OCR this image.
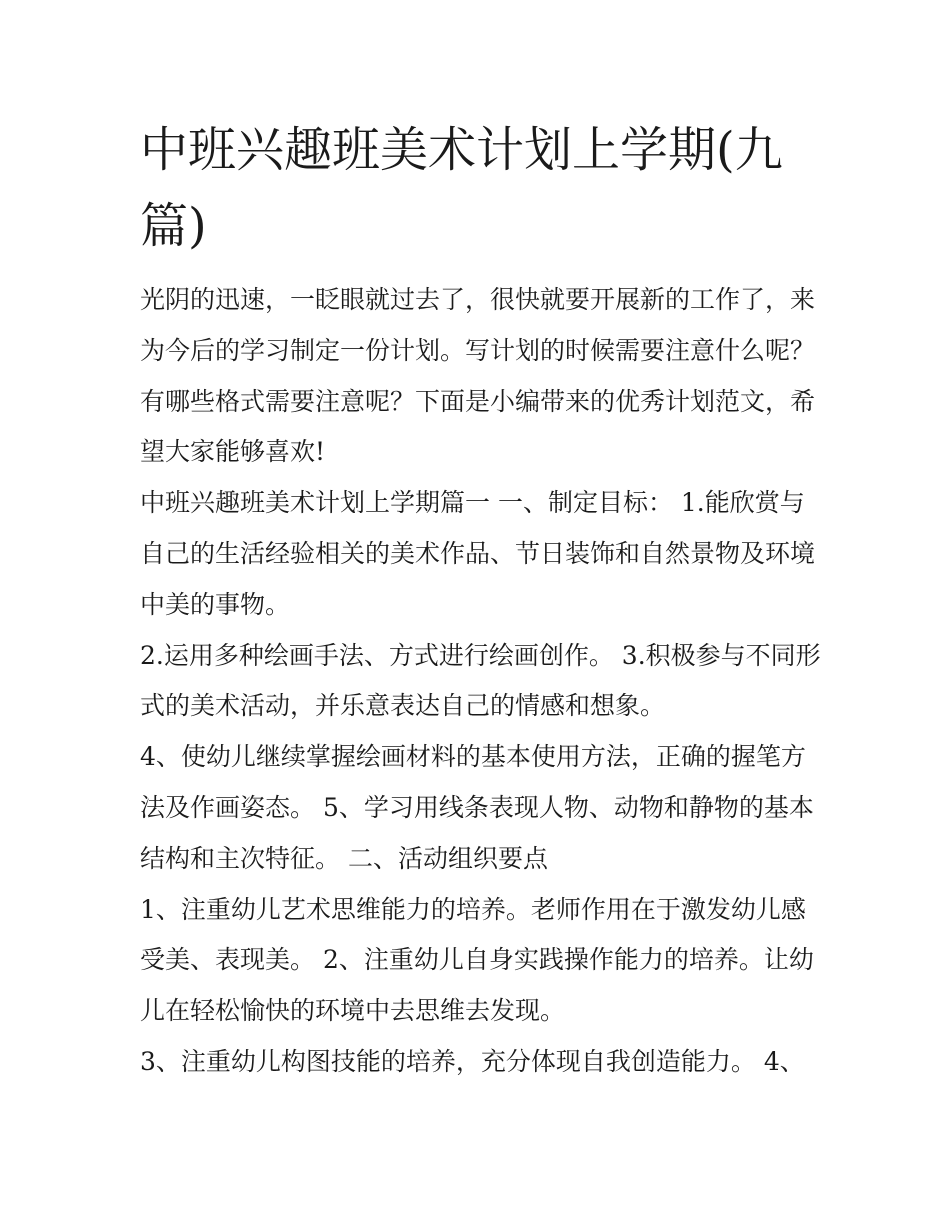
中班兴趣班美术计划上学期(九
篇)
光阴的迅速，一眨眼就过去了，很快就要开展新的工作了，来
为今后的学习制定一份计划。写计划的时候需要注意什么呢？
有哪些格式需要注意呢？下面是小编带来的优秀计划范文，希
望大家能够喜欢!
中班兴趣班美术计划上学期篇一 一、制定目标： 1.能欣赏与
自己的生活经验相关的美术作品、节日装饰和自然景物及环境
中美的事物。
2.运用多种绘画手法、方式进行绘画创作。 3.积极参与不同形
式的美术活动，并乐意表达自己的情感和想象。
4、使幼儿继续掌握绘画材料的基本使用方法，正确的握笔方
法及作画姿态。 5、学习用线条表现人物、动物和静物的基本
结构和主次特征。 二、活动组织要点
1、注重幼儿艺术思维能力的培养。老师作用在于激发幼儿感
受美、表现美。 2、注重幼儿自身实践操作能力的培养。让幼
儿在轻松愉快的环境中去思维去发现。
3、注重幼儿构图技能的培养，充分体现自我创造能力。 4、
